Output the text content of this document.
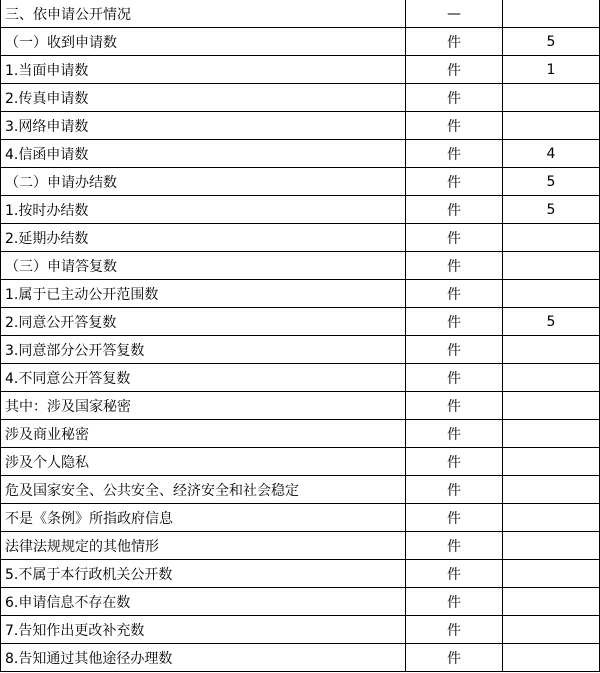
三、依申请公开情况	—	
（一）收到申请数	件	5
1.当面申请数	件	1
2.传真申请数	件	
3.网络申请数	件	
4.信函申请数	件	4
（二）申请办结数	件	5
1.按时办结数	件	5
2.延期办结数	件	
（三）申请答复数	件	
1.属于已主动公开范围数	件	
2.同意公开答复数	件	5
3.同意部分公开答复数	件	
4.不同意公开答复数	件	
其中：涉及国家秘密	件	
涉及商业秘密	件	
涉及个人隐私	件	
危及国家安全、公共安全、经济安全和社会稳定	件	
不是《条例》所指政府信息	件	
法律法规规定的其他情形	件	
5.不属于本行政机关公开数	件	
6.申请信息不存在数	件	
7.告知作出更改补充数	件	
8.告知通过其他途径办理数	件	
